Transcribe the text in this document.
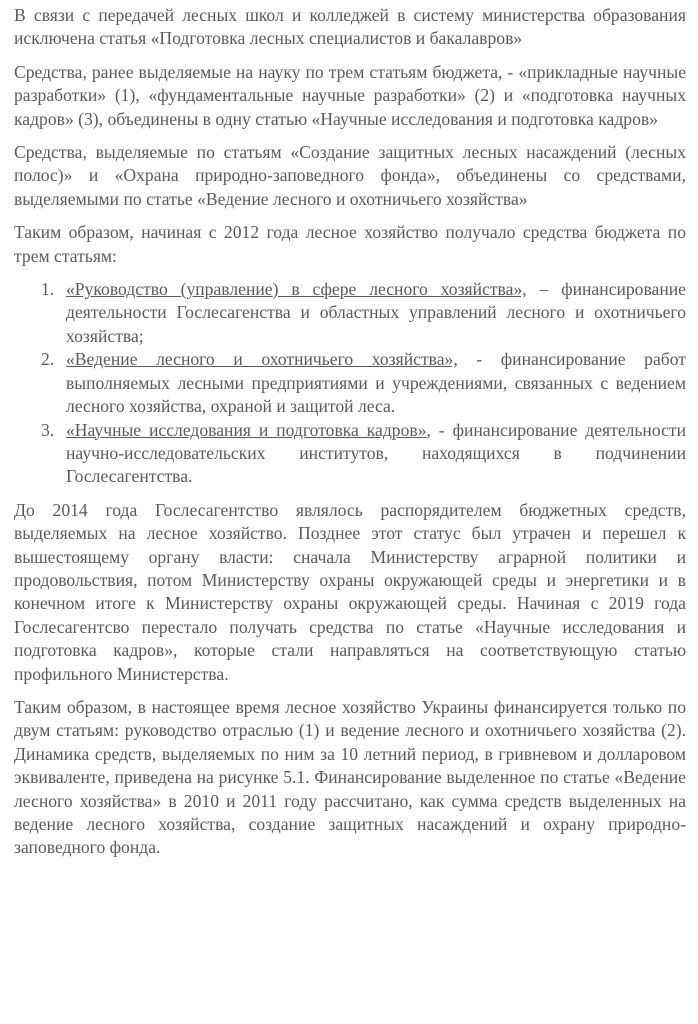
В связи с передачей лесных школ и колледжей в систему министерства образования исключена статья «Подготовка лесных специалистов и бакалавров»

Средства, ранее выделяемые на науку по трем статьям бюджета, - «прикладные научные разработки» (1), «фундаментальные научные разработки» (2) и «подготовка научных кадров» (3), объединены в одну статью «Научные исследования и подготовка кадров»

Средства, выделяемые по статьям «Создание защитных лесных насаждений (лесных полос)» и «Охрана природно-заповедного фонда», объединены со средствами, выделяемыми по статье «Ведение лесного и охотничьего хозяйства»

Таким образом, начиная с 2012 года лесное хозяйство получало средства бюджета по трем статьям:

1. «Руководство (управление) в сфере лесного хозяйства», – финансирование деятельности Гослесагенства и областных управлений лесного и охотничьего хозяйства;
2. «Ведение лесного и охотничьего хозяйства», - финансирование работ выполняемых лесными предприятиями и учреждениями, связанных с ведением лесного хозяйства, охраной и защитой леса.
3. «Научные исследования и подготовка кадров», - финансирование деятельности научно-исследовательских институтов, находящихся в подчинении Гослесагентства.

До 2014 года Гослесагентство являлось распорядителем бюджетных средств, выделяемых на лесное хозяйство. Позднее этот статус был утрачен и перешел к вышестоящему органу власти: сначала Министерству аграрной политики и продовольствия, потом Министерству охраны окружающей среды и энергетики и в конечном итоге к Министерству охраны окружающей среды. Начиная с 2019 года Гослесагентсво перестало получать средства по статье «Научные исследования и подготовка кадров», которые стали направляться на соответствующую статью профильного Министерства.

Таким образом, в настоящее время лесное хозяйство Украины финансируется только по двум статьям: руководство отраслью (1) и ведение лесного и охотничьего хозяйства (2). Динамика средств, выделяемых по ним за 10 летний период, в гривневом и долларовом эквиваленте, приведена на рисунке 5.1. Финансирование выделенное по статье «Ведение лесного хозяйства» в 2010 и 2011 году рассчитано, как сумма средств выделенных на ведение лесного хозяйства, создание защитных насаждений и охрану природно-заповедного фонда.
